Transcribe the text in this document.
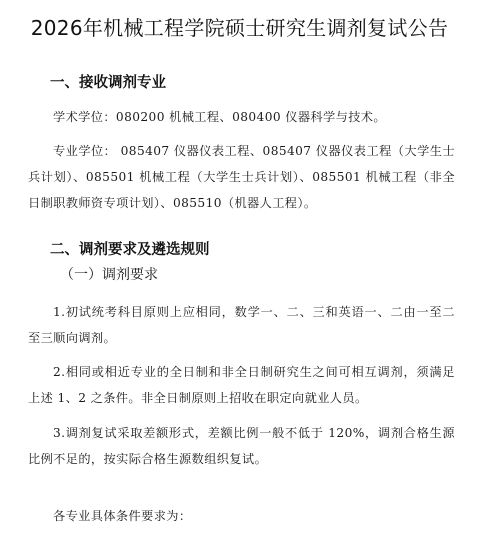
2026年机械工程学院硕士研究生调剂复试公告
一、接收调剂专业
学术学位：080200 机械工程、080400 仪器科学与技术。
专业学位： 085407 仪器仪表工程、085407 仪器仪表工程（大学生士兵计划）、085501 机械工程（大学生士兵计划）、085501 机械工程（非全日制职教师资专项计划）、085510（机器人工程）。
二、调剂要求及遴选规则
（一）调剂要求
1.初试统考科目原则上应相同，数学一、二、三和英语一、二由一至二至三顺向调剂。
2.相同或相近专业的全日制和非全日制研究生之间可相互调剂，须满足上述 1、2 之条件。非全日制原则上招收在职定向就业人员。
3.调剂复试采取差额形式，差额比例一般不低于 120%，调剂合格生源比例不足的，按实际合格生源数组织复试。
各专业具体条件要求为：
